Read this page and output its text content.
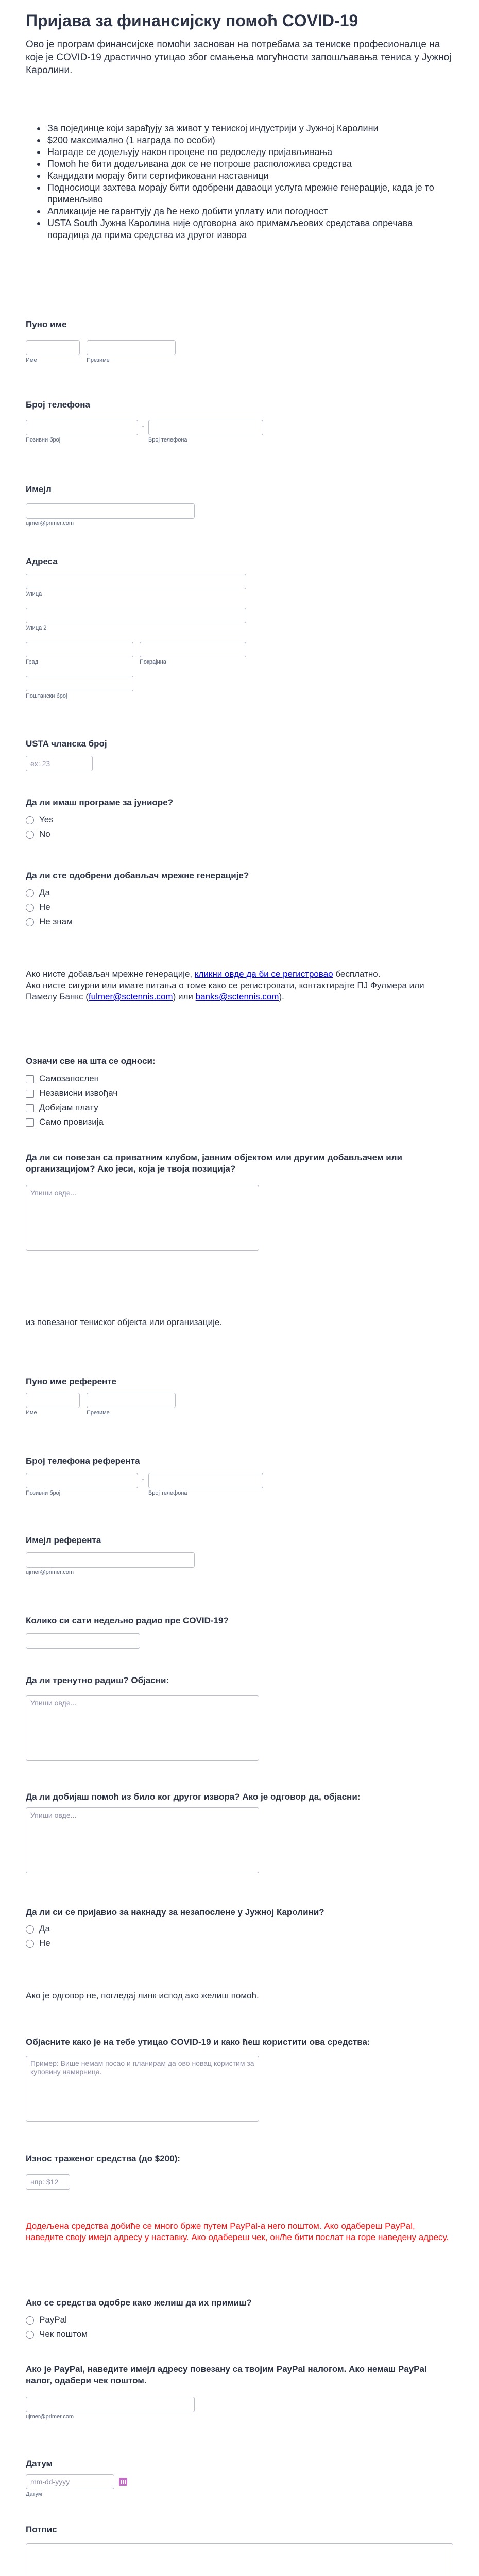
Пријава за финансијску помоћ COVID-19
Ово је програм финансијске помоћи заснован на потребама за тениске професионалце на које је COVID-19 драстично утицао због смањења могућности запошљавања тениса у Јужној Каролини.
За појединце који зарађују за живот у тениској индустрији у Јужној Каролини
$200 максимално (1 награда по особи)
Награде се додељују након процене по редоследу пријављивања
Помоћ ће бити додељивана док се не потроше расположива средства
Кандидати морају бити сертификовани наставници
Подносиоци захтева морају бити одобрени даваоци услуга мрежне генерације, када је то применљиво
Апликације не гарантују да ће некo добити уплату или погодност
USTA South Јужна Каролина није одговорна ако примамљеових средстава опречава порадица да прима средства из другог извора
Пуно име
Име	Презиме
Број телефона
-
Позивни број	Број телефона
Имејл
ujmer@primer.com
Адреса
Улица
Улица 2
Град	Покрајина
Поштански број
USTA чланска број
ex: 23
Да ли имаш програме за јуниоре?
Yes
No
Да ли сте одобрени добављач мрежне генерације?
Да
Не
Не знам
Ако нисте добављач мрежне генерације, кликни овде да би се регистровао бесплатно.
Ако нисте сигурни или имате питања о томе како се регистровати, контактирајте ПЈ Фулмера или Памелу Банкс (fulmer@sctennis.com) или banks@sctennis.com).
Означи све на шта се односи:
Самозапослен
Независни извођач
Добијам плату
Само провизија
Да ли си повезан са приватним клубом, јавним објектом или другим добављачем или организацијом? Ако јеси, која је твоја позиција?
Упиши овде...
из повезаног тениског објекта или организације.
Пуно име референте
Име	Презиме
Број телефона референта
-
Позивни број	Број телефона
Имејл референта
ujmer@primer.com
Колико си сати недељно радио пре COVID-19?
Да ли тренутно радиш? Објасни:
Упиши овде...
Да ли добијаш помоћ из било ког другог извора? Ако је одговор да, објасни:
Упиши овде...
Да ли си се пријавио за накнаду за незапослене у Јужној Каролини?
Да
Не
Ако је одговор не, погледај линк испод ако желиш помоћ.
Објасните како је на тебе утицао COVID-19 и како ћеш користити ова средства:
Пример: Више немам посао и планирам да ово новац користим за куповину намирница.
Износ траженог средства (до $200):
нпр: $12
Додељена средства добиће се много брже путем PayPal-а него поштом. Ако одабереш PayPal, наведите своју имејл адресу у наставку. Ако одабереш чек, он/ће бити послат на горе наведену адресу.
Ако се средства одобре како желиш да их примиш?
PayPal
Чек поштом
Ако је PayPal, наведите имејл адресу повезану са твојим PayPal налогом. Ако немаш PayPal налог, одабери чек поштом.
ujmer@primer.com
Датум
mm-dd-yyyy
Датум
Потпис
